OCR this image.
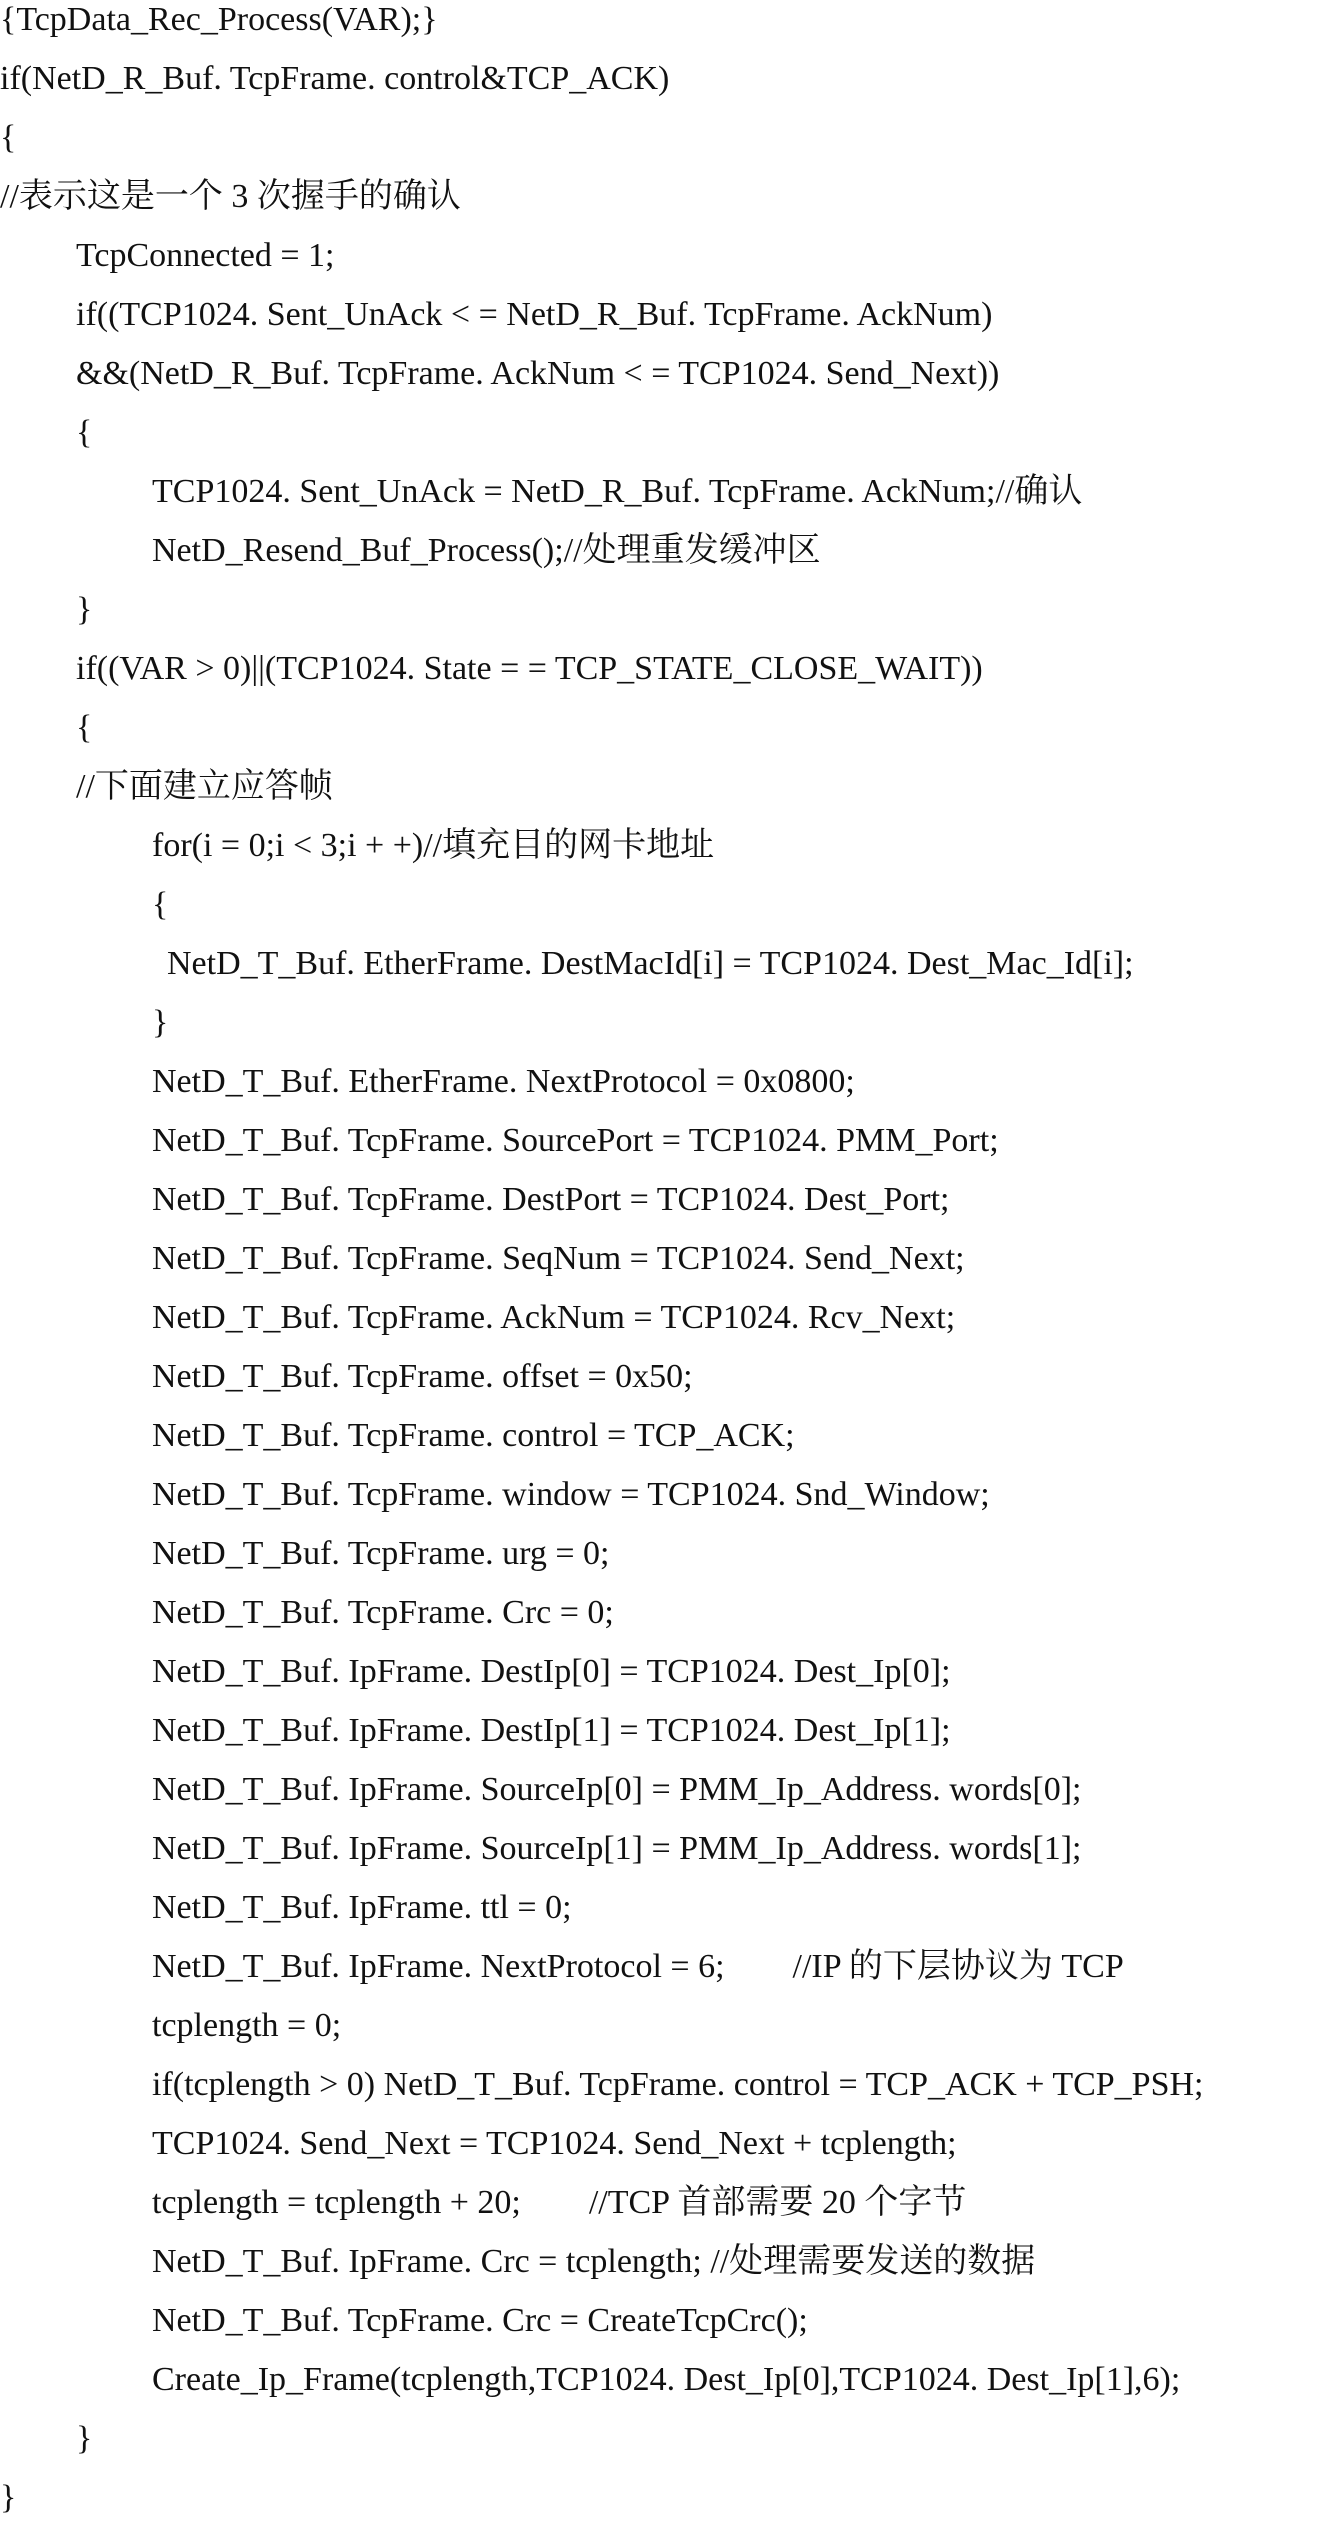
{TcpData_Rec_Process(VAR);}
if(NetD_R_Buf. TcpFrame. control&TCP_ACK)
{
//表示这是一个 3 次握手的确认
TcpConnected = 1;
if((TCP1024. Sent_UnAck < = NetD_R_Buf. TcpFrame. AckNum)
&&(NetD_R_Buf. TcpFrame. AckNum < = TCP1024. Send_Next))
{
TCP1024. Sent_UnAck = NetD_R_Buf. TcpFrame. AckNum;//确认
NetD_Resend_Buf_Process();//处理重发缓冲区
}
if((VAR > 0)||(TCP1024. State = = TCP_STATE_CLOSE_WAIT))
{
//下面建立应答帧
for(i = 0;i < 3;i + +)//填充目的网卡地址
{
NetD_T_Buf. EtherFrame. DestMacId[i] = TCP1024. Dest_Mac_Id[i];
}
NetD_T_Buf. EtherFrame. NextProtocol = 0x0800;
NetD_T_Buf. TcpFrame. SourcePort = TCP1024. PMM_Port;
NetD_T_Buf. TcpFrame. DestPort = TCP1024. Dest_Port;
NetD_T_Buf. TcpFrame. SeqNum = TCP1024. Send_Next;
NetD_T_Buf. TcpFrame. AckNum = TCP1024. Rcv_Next;
NetD_T_Buf. TcpFrame. offset = 0x50;
NetD_T_Buf. TcpFrame. control = TCP_ACK;
NetD_T_Buf. TcpFrame. window = TCP1024. Snd_Window;
NetD_T_Buf. TcpFrame. urg = 0;
NetD_T_Buf. TcpFrame. Crc = 0;
NetD_T_Buf. IpFrame. DestIp[0] = TCP1024. Dest_Ip[0];
NetD_T_Buf. IpFrame. DestIp[1] = TCP1024. Dest_Ip[1];
NetD_T_Buf. IpFrame. SourceIp[0] = PMM_Ip_Address. words[0];
NetD_T_Buf. IpFrame. SourceIp[1] = PMM_Ip_Address. words[1];
NetD_T_Buf. IpFrame. ttl = 0;
NetD_T_Buf. IpFrame. NextProtocol = 6;        //IP 的下层协议为 TCP
tcplength = 0;
if(tcplength > 0) NetD_T_Buf. TcpFrame. control = TCP_ACK + TCP_PSH;
TCP1024. Send_Next = TCP1024. Send_Next + tcplength;
tcplength = tcplength + 20;        //TCP 首部需要 20 个字节
NetD_T_Buf. IpFrame. Crc = tcplength; //处理需要发送的数据
NetD_T_Buf. TcpFrame. Crc = CreateTcpCrc();
Create_Ip_Frame(tcplength,TCP1024. Dest_Ip[0],TCP1024. Dest_Ip[1],6);
}
}
